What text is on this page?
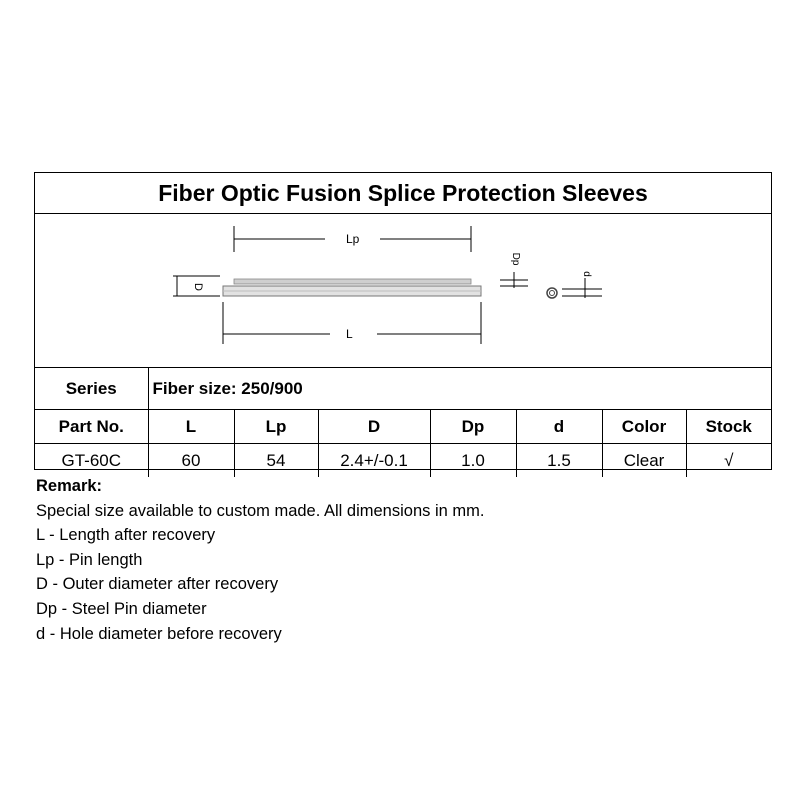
Fiber Optic Fusion Splice Protection Sleeves
Lp
L
D
Dp
d
Series	Fiber size: 250/900						
Part No.	L	Lp	D	Dp	d	Color	Stock
GT-60C	60	54	2.4+/-0.1	1.0	1.5	Clear	√
Remark:
Special size available to custom made. All dimensions in mm.
L - Length after recovery
Lp - Pin length
D - Outer diameter after recovery
Dp - Steel Pin diameter
d - Hole diameter before recovery
